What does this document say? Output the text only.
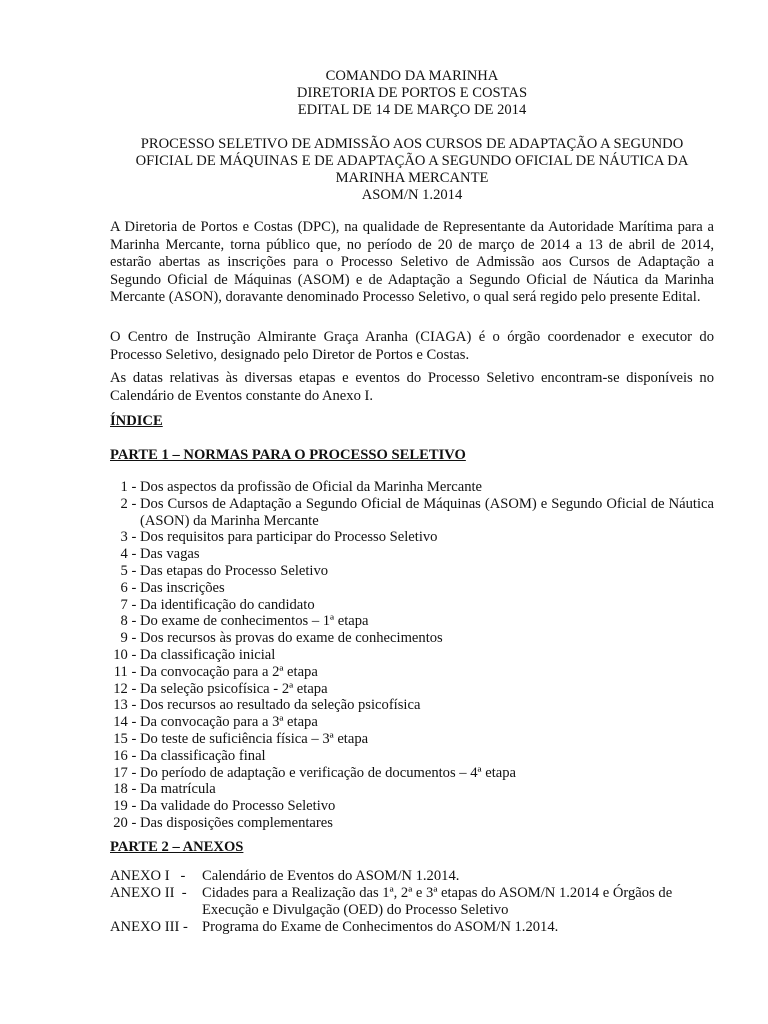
COMANDO DA MARINHA
DIRETORIA DE PORTOS E COSTAS
EDITAL DE 14 DE MARÇO DE 2014
PROCESSO SELETIVO DE ADMISSÃO AOS CURSOS DE ADAPTAÇÃO A SEGUNDO
OFICIAL DE MÁQUINAS E DE ADAPTAÇÃO A SEGUNDO OFICIAL DE NÁUTICA DA
MARINHA MERCANTE
ASOM/N 1.2014

A Diretoria de Portos e Costas (DPC), na qualidade de Representante da Autoridade Marítima para a Marinha Mercante, torna público que, no período de 20 de março de 2014 a 13 de abril de 2014, estarão abertas as inscrições para o Processo Seletivo de Admissão aos Cursos de Adaptação a Segundo Oficial de Máquinas (ASOM) e de Adaptação a Segundo Oficial de Náutica da Marinha Mercante (ASON), doravante denominado Processo Seletivo, o qual será regido pelo presente Edital.

O Centro de Instrução Almirante Graça Aranha (CIAGA) é o órgão coordenador e executor do Processo Seletivo, designado pelo Diretor de Portos e Costas.

As datas relativas às diversas etapas e eventos do Processo Seletivo encontram-se disponíveis no Calendário de Eventos constante do Anexo I.

ÍNDICE
PARTE 1 – NORMAS PARA O PROCESSO SELETIVO
1 - Dos aspectos da profissão de Oficial da Marinha Mercante
2 - Dos Cursos de Adaptação a Segundo Oficial de Máquinas (ASOM) e Segundo Oficial de Náutica (ASON) da Marinha Mercante
3 - Dos requisitos para participar do Processo Seletivo
4 - Das vagas
5 - Das etapas do Processo Seletivo
6 - Das inscrições
7 - Da identificação do candidato
8 - Do exame de conhecimentos – 1ª etapa
9 - Dos recursos às provas do exame de conhecimentos
10 - Da classificação inicial
11 - Da convocação para a 2ª etapa
12 - Da seleção psicofísica - 2ª etapa
13 - Dos recursos ao resultado da seleção psicofísica
14 - Da convocação para a 3ª etapa
15 - Do teste de suficiência física – 3ª etapa
16 - Da classificação final
17 - Do período de adaptação e verificação de documentos – 4ª etapa
18 - Da matrícula
19 - Da validade do Processo Seletivo
20 - Das disposições complementares
PARTE 2 – ANEXOS
ANEXO I   - Calendário de Eventos do ASOM/N 1.2014.
ANEXO II  - Cidades para a Realização das 1ª, 2ª e 3ª etapas do ASOM/N 1.2014 e Órgãos de Execução e Divulgação (OED) do Processo Seletivo
ANEXO III - Programa do Exame de Conhecimentos do ASOM/N 1.2014.
